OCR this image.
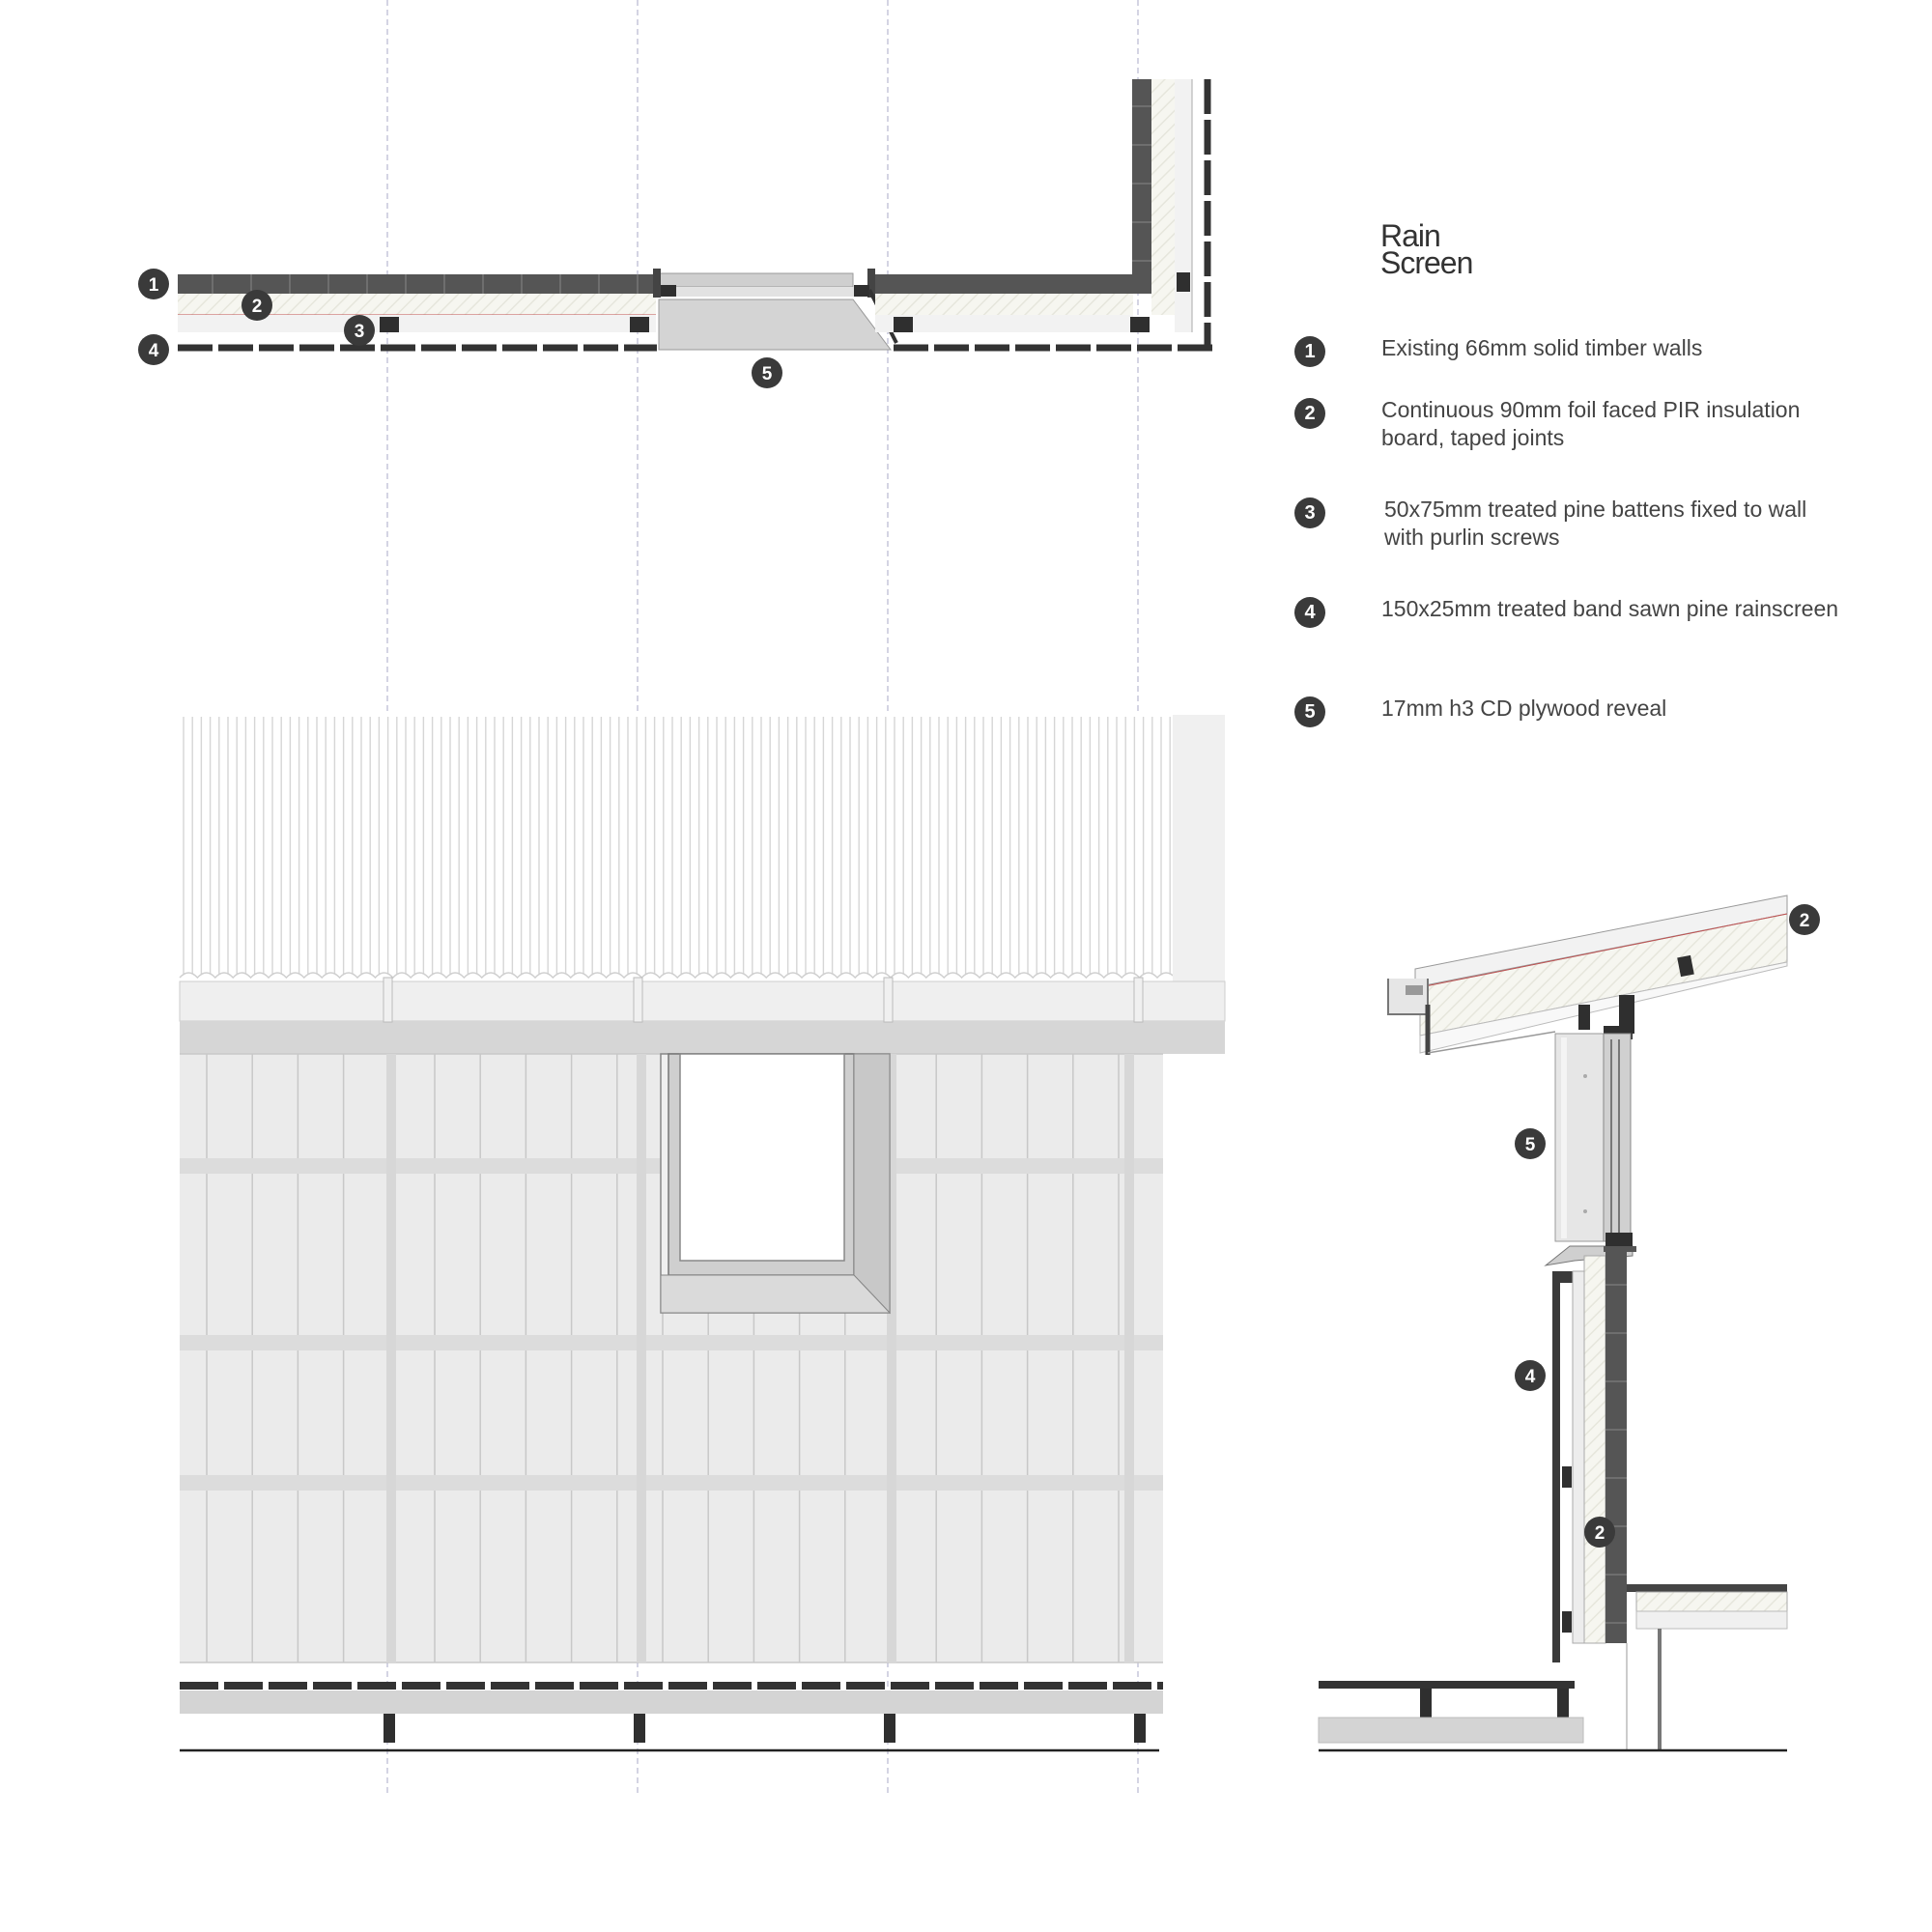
1
2
3
4
5
2
5
4
2
Rain
Screen
1	Existing 66mm solid timber walls
2	Continuous 90mm foil faced PIR insulation board, taped joints
3	50x75mm treated pine battens fixed to wall with purlin screws
4	150x25mm treated band sawn pine rainscreen
5	17mm h3 CD plywood reveal
